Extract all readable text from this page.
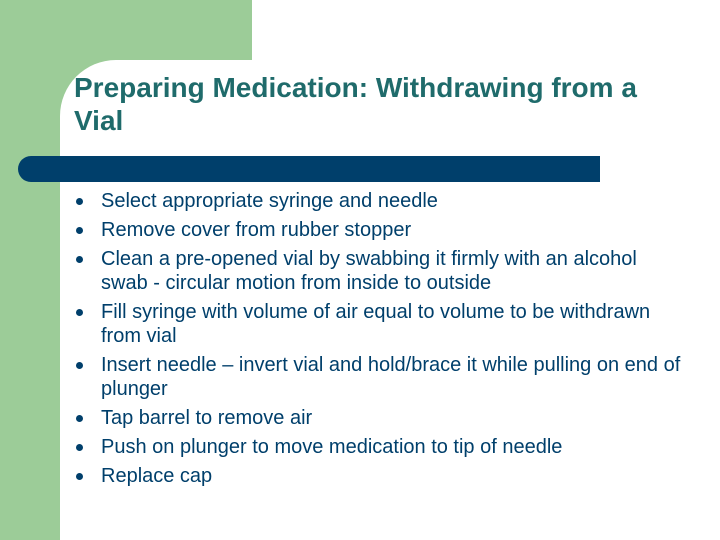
Preparing Medication: Withdrawing from a Vial
Select appropriate syringe and needle
Remove cover from rubber stopper
Clean a pre-opened vial by swabbing it firmly with an alcohol swab - circular motion from inside to outside
Fill syringe with volume of air equal to volume to be withdrawn from vial
Insert needle – invert vial and hold/brace it while pulling on end of plunger
Tap barrel to remove air
Push on plunger to move medication to tip of needle
Replace cap
